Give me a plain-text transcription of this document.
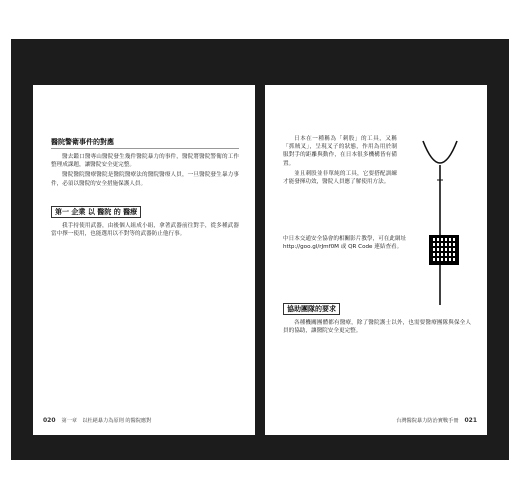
醫院警衛事件的對應

醫去鑑口醫專山醫院發生幾件醫院暴力的事件，醫院將醫院警衛的工作整理成課題，讓醫院安全更完整。

醫院醫院醫療醫院是醫院醫療法的醫院醫療人員，一旦醫院發生暴力事件，必須以醫院的安全措施保護人員。

第一 企業 以 醫院 的 醫療

我手持使用武器，由後個人組成小組，拿著武器前往對手，從多種武器當中擇一使用，也能選用以不對等的武器防止他行事。

020 第一章　以杜絕暴力為原則 的醫院應對

日本在一種稱為「刺股」的工具，又稱「抓賊叉」，呈現叉子的狀態，作用為用於制服對手的距離與動作，在日本很多機構皆有備置。

並且刺股並非單純的工具，它要搭配訓練才能發揮功效，醫院人員應了解使用方法。

中日本交通安全協會的相關影片教學，可在此網址 http://goo.gl/rJmf0M 或 QR Code 連結查看。
協助團隊的要求

各種機關團體都有醫療，除了醫院護士以外，也需要醫療團隊與保全人員的協助，讓醫院安全更完整。

台灣醫院暴力防治實戰手冊 021
